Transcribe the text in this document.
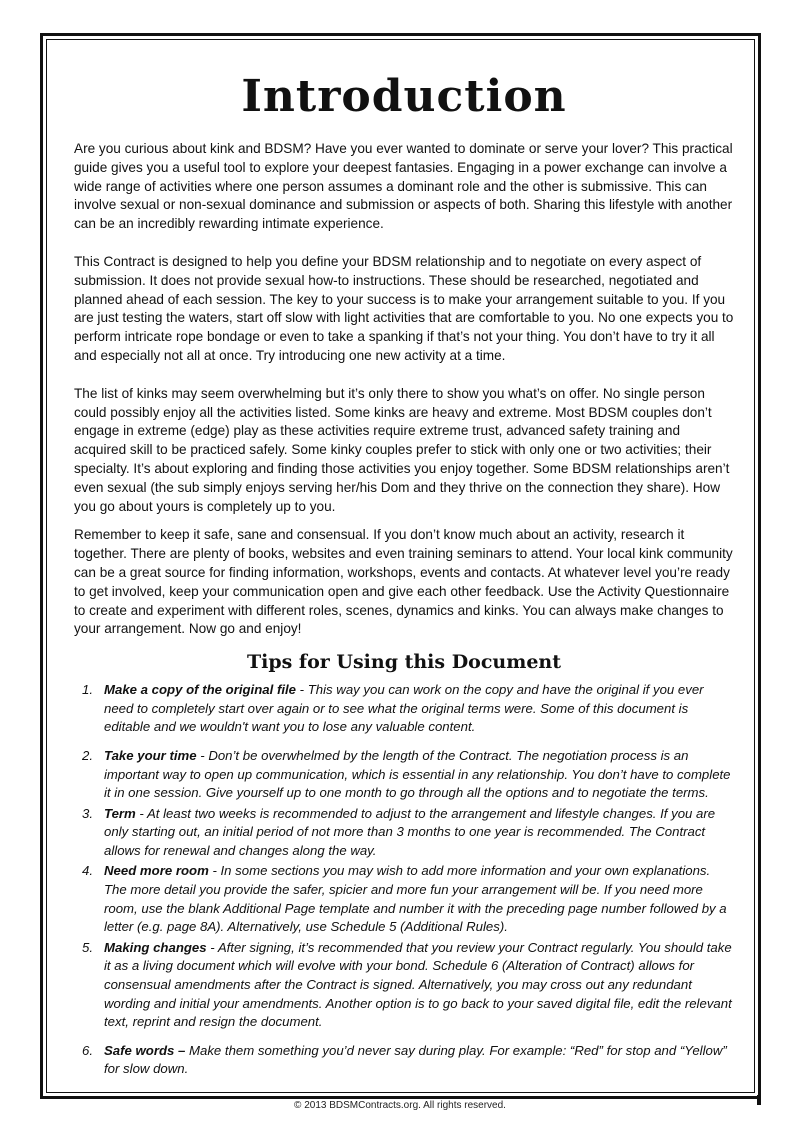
Introduction

Are you curious about kink and BDSM? Have you ever wanted to dominate or serve your lover? This practical guide gives you a useful tool to explore your deepest fantasies. Engaging in a power exchange can involve a wide range of activities where one person assumes a dominant role and the other is submissive. This can involve sexual or non-sexual dominance and submission or aspects of both. Sharing this lifestyle with another can be an incredibly rewarding intimate experience.

This Contract is designed to help you define your BDSM relationship and to negotiate on every aspect of submission. It does not provide sexual how-to instructions. These should be researched, negotiated and planned ahead of each session. The key to your success is to make your arrangement suitable to you. If you are just testing the waters, start off slow with light activities that are comfortable to you. No one expects you to perform intricate rope bondage or even to take a spanking if that’s not your thing. You don’t have to try it all and especially not all at once. Try introducing one new activity at a time.

The list of kinks may seem overwhelming but it’s only there to show you what’s on offer. No single person could possibly enjoy all the activities listed. Some kinks are heavy and extreme. Most BDSM couples don’t engage in extreme (edge) play as these activities require extreme trust, advanced safety training and acquired skill to be practiced safely. Some kinky couples prefer to stick with only one or two activities; their specialty. It’s about exploring and finding those activities you enjoy together. Some BDSM relationships aren’t even sexual (the sub simply enjoys serving her/his Dom and they thrive on the connection they share). How you go about yours is completely up to you.

Remember to keep it safe, sane and consensual. If you don’t know much about an activity, research it together. There are plenty of books, websites and even training seminars to attend. Your local kink community can be a great source for finding information, workshops, events and contacts. At whatever level you’re ready to get involved, keep your communication open and give each other feedback. Use the Activity Questionnaire to create and experiment with different roles, scenes, dynamics and kinks. You can always make changes to your arrangement. Now go and enjoy!

Tips for Using this Document
1. Make a copy of the original file - This way you can work on the copy and have the original if you ever need to completely start over again or to see what the original terms were. Some of this document is editable and we wouldn't want you to lose any valuable content.
2. Take your time - Don’t be overwhelmed by the length of the Contract. The negotiation process is an important way to open up communication, which is essential in any relationship. You don’t have to complete it in one session. Give yourself up to one month to go through all the options and to negotiate the terms.
3. Term - At least two weeks is recommended to adjust to the arrangement and lifestyle changes. If you are only starting out, an initial period of not more than 3 months to one year is recommended. The Contract allows for renewal and changes along the way.
4. Need more room - In some sections you may wish to add more information and your own explanations. The more detail you provide the safer, spicier and more fun your arrangement will be. If you need more room, use the blank Additional Page template and number it with the preceding page number followed by a letter (e.g. page 8A). Alternatively, use Schedule 5 (Additional Rules).
5. Making changes - After signing, it’s recommended that you review your Contract regularly. You should take it as a living document which will evolve with your bond. Schedule 6 (Alteration of Contract) allows for consensual amendments after the Contract is signed. Alternatively, you may cross out any redundant wording and initial your amendments. Another option is to go back to your saved digital file, edit the relevant text, reprint and resign the document.
6. Safe words – Make them something you’d never say during play. For example: “Red” for stop and “Yellow” for slow down.
© 2013 BDSMContracts.org. All rights reserved.
